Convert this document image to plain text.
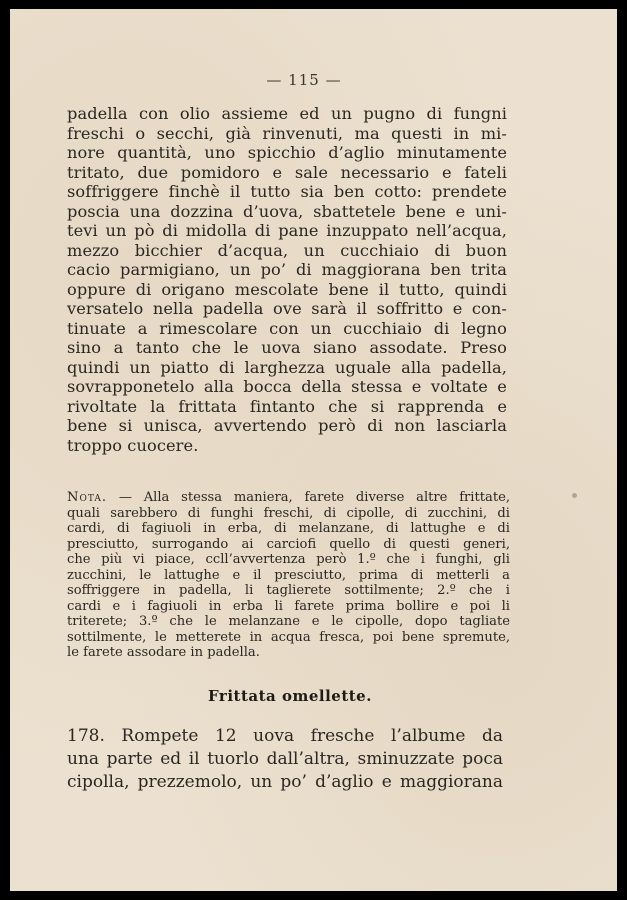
— 115 —
padella con olio assieme ed un pugno di fungni
freschi o secchi, già rinvenuti, ma questi in mi-
nore quantità, uno spicchio d’aglio minutamente
tritato, due pomidoro e sale necessario e fateli
soffriggere finchè il tutto sia ben cotto: prendete
poscia una dozzina d’uova, sbattetele bene e uni-
tevi un pò di midolla di pane inzuppato nell’acqua,
mezzo bicchier d’acqua, un cucchiaio di buon
cacio parmigiano, un po’ di maggiorana ben trita
oppure di origano mescolate bene il tutto, quindi
versatelo nella padella ove sarà il soffritto e con-
tinuate a rimescolare con un cucchiaio di legno
sino a tanto che le uova siano assodate. Preso
quindi un piatto di larghezza uguale alla padella,
sovrapponetelo alla bocca della stessa e voltate e
rivoltate la frittata fintanto che si rapprenda e
bene si unisca, avvertendo però di non lasciarla
troppo cuocere.
Nota. — Alla stessa maniera, farete diverse altre frittate,
quali sarebbero di funghi freschi, di cipolle, di zucchini, di
cardi, di fagiuoli in erba, di melanzane, di lattughe e di
presciutto, surrogando ai carciofi quello di questi generi,
che più vi piace, ccll’avvertenza però 1.º che i funghi, gli
zucchini, le lattughe e il presciutto, prima di metterli a
soffriggere in padella, li taglierete sottilmente; 2.º che i
cardi e i fagiuoli in erba li farete prima bollire e poi li
triterete; 3.º che le melanzane e le cipolle, dopo tagliate
sottilmente, le metterete in acqua fresca, poi bene spremute,
le farete assodare in padella.
Frittata omellette.
178. Rompete 12 uova fresche l’albume da
una parte ed il tuorlo dall’altra, sminuzzate poca
cipolla, prezzemolo, un po’ d’aglio e maggiorana
